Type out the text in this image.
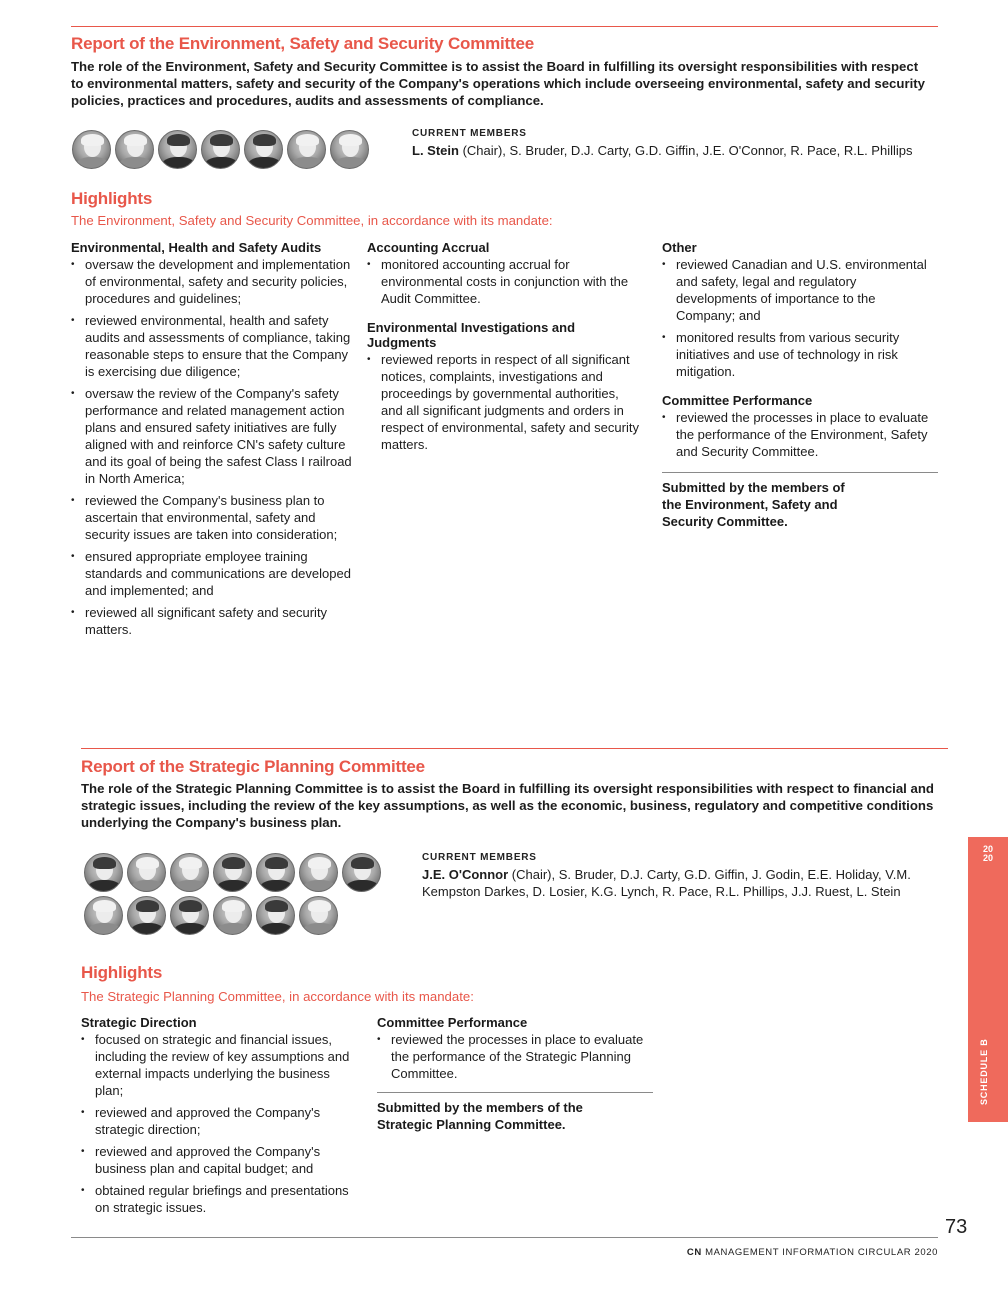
Report of the Environment, Safety and Security Committee

The role of the Environment, Safety and Security Committee is to assist the Board in fulfilling its oversight responsibilities with respect to environmental matters, safety and security of the Company's operations which include overseeing environmental, safety and security policies, practices and procedures, audits and assessments of compliance.

CURRENT MEMBERS
L. Stein (Chair), S. Bruder, D.J. Carty, G.D. Giffin, J.E. O'Connor, R. Pace, R.L. Phillips
Highlights

The Environment, Safety and Security Committee, in accordance with its mandate:

Environmental, Health and Safety Audits
• oversaw the development and implementation of environmental, safety and security policies, procedures and guidelines;
• reviewed environmental, health and safety audits and assessments of compliance, taking reasonable steps to ensure that the Company is exercising due diligence;
• oversaw the review of the Company's safety performance and related management action plans and ensured safety initiatives are fully aligned with and reinforce CN's safety culture and its goal of being the safest Class I railroad in North America;
• reviewed the Company's business plan to ascertain that environmental, safety and security issues are taken into consideration;
• ensured appropriate employee training standards and communications are developed and implemented; and
• reviewed all significant safety and security matters.
Accounting Accrual
• monitored accounting accrual for environmental costs in conjunction with the Audit Committee.
Environmental Investigations and Judgments
• reviewed reports in respect of all significant notices, complaints, investigations and proceedings by governmental authorities, and all significant judgments and orders in respect of environmental, safety and security matters.
Other
• reviewed Canadian and U.S. environmental and safety, legal and regulatory developments of importance to the Company; and
• monitored results from various security initiatives and use of technology in risk mitigation.
Committee Performance
• reviewed the processes in place to evaluate the performance of the Environment, Safety and Security Committee.
Submitted by the members of the Environment, Safety and Security Committee.
Report of the Strategic Planning Committee

The role of the Strategic Planning Committee is to assist the Board in fulfilling its oversight responsibilities with respect to financial and strategic issues, including the review of the key assumptions, as well as the economic, business, regulatory and competitive conditions underlying the Company's business plan.

CURRENT MEMBERS
J.E. O'Connor (Chair), S. Bruder, D.J. Carty, G.D. Giffin, J. Godin, E.E. Holiday, V.M. Kempston Darkes, D. Losier, K.G. Lynch, R. Pace, R.L. Phillips, J.J. Ruest, L. Stein
Highlights

The Strategic Planning Committee, in accordance with its mandate:

Strategic Direction
• focused on strategic and financial issues, including the review of key assumptions and external impacts underlying the business plan;
• reviewed and approved the Company's strategic direction;
• reviewed and approved the Company's business plan and capital budget; and
• obtained regular briefings and presentations on strategic issues.
Committee Performance
• reviewed the processes in place to evaluate the performance of the Strategic Planning Committee.
Submitted by the members of the Strategic Planning Committee.
20
20
SCHEDULE B
73
CN MANAGEMENT INFORMATION CIRCULAR 2020
